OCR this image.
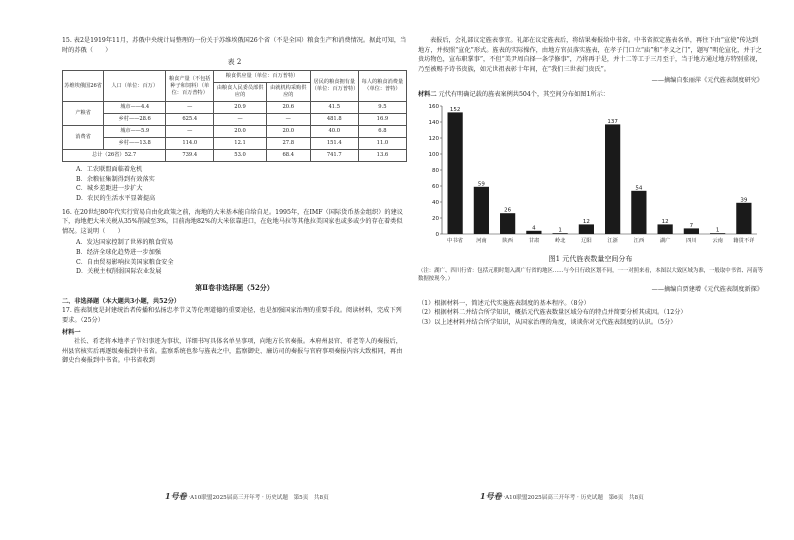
15. 表2是1919年11月，苏俄中央统计局整理的一份关于苏维埃俄国26个省（不是全国）粮食生产和消费情况。据此可知，当时的苏俄（　　）

表 2

苏维埃俄国26省	人口（单位：百万）	粮食产量（不包括种子和饲料）（单位：百万普特）	粮食供应量（单位：百万普特）		居民的粮食拥有量（单位：百万普特）	每人的粮食消费量（单位：普特）
			由粮食人民委员部供应的	由就机构采购供应的		
产粮省	城市——4.4	—	20.9	20.6	41.5	9.5
	乡村——28.6	625.4	—	—	481.8	16.9
消费省	城市——5.9	—	20.0	20.0	40.0	6.8
	乡村——13.8	114.0	12.1	27.8	151.4	11.0
总计（26省）52.7		739.4	53.0	68.4	741.7	13.6

A．工农联盟面临着危机

B．余粮征集制得到有效落实

C．城乡差距进一步扩大

D．农民的生活水平显著提高

16. 在20世纪80年代实行贸易自由化政策之前，海地的大米基本能自给自足。1995年，在IMF（国际货币基金组织）的建议下，海地把大米关税从35%削减至3%，目前海地82%的大米依靠进口，在危地马拉等其他拉美国家也或多或少的存在着类似情况。这说明（　　）

A．发达国家控制了世界的粮食贸易

B．经济全球化趋势进一步加强

C．自由贸易影响拉美国家粮食安全

D．关税主权削弱国际农业发展

第Ⅱ卷非选择题（52分）

二、非选择题（本大题共3小题，共52分）

17. 旌表制度是封建统治者传播和弘扬忠孝节义等伦理道德的重要途径，也是加强国家治理的重要手段。阅读材料，完成下列要求。（25分）

材料一

社长、肴老将本地孝子节妇事迹为事状，详细书写具体名单呈事项，向地方长官奏报。本府州县官、肴老等人的奏报后，州县官核实后再逐级奏报到中书省。监察系统也参与旌表之中，监察御史、廉访司的奏报与官府事项奏报内容大致相同，再由御史台奏报到中书省。中书省收到

1号卷 ·A10联盟2025届高三开年考 · 历史试题　第5页　共8页

表报后，会礼部议定旌表事宜。礼部在议定旌表后，将结果奏报给中书省。中书省拟定旌表名单，再往下由“宣使”传达到地方，并按照“宣化”形式。旌表的实际操作，由地方官员落实旌表，在孝子门口立“庙”和“孝义之门”，题写“明伦宣化，并于之贵坊物色，宣布职掌事”，不但“美尹周自择一条学修事”，乃将再于是，并十二等工于三月至于，当于地方通过地方特别重视，乃至被赐予诗书贵族，如元世祖表彰十年间，在“我们三世表门贵氏”。

——摘编自张丽萍《元代旌表制度研究》

材料二 元代有明确记载的旌表案例共504个，其空间分布如图1所示：

0
20
40
60
80
100
120
140
160 152
中书省
59
河南
26
陕西
4
甘肃
1
岭北
12
辽阳
137
江浙
54
江西
12
湖广
7
四川
1
云南
39
籍贯不详

图1 元代旌表数量空间分布

（注：湖广、四川行省：包括元朝时划入湖广行省的地区……与今日行政区划不同，一一对照来看，本图以大致区域为准，一般取中书省、河南等数据按现今。）

——摘编自贾建增《元代旌表制度新探》

（1）根据材料一，简述元代实施旌表制度的基本程序。（8分）

（2）根据材料二并结合所学知识，概括元代旌表数量区域分布的特点并简要分析其成因。（12分）

（3）以上述材料并结合所学知识，从国家治理的角度，谈谈你对元代旌表制度的认识。（5分）

1号卷 ·A10联盟2025届高三开年考 · 历史试题　第6页　共8页
